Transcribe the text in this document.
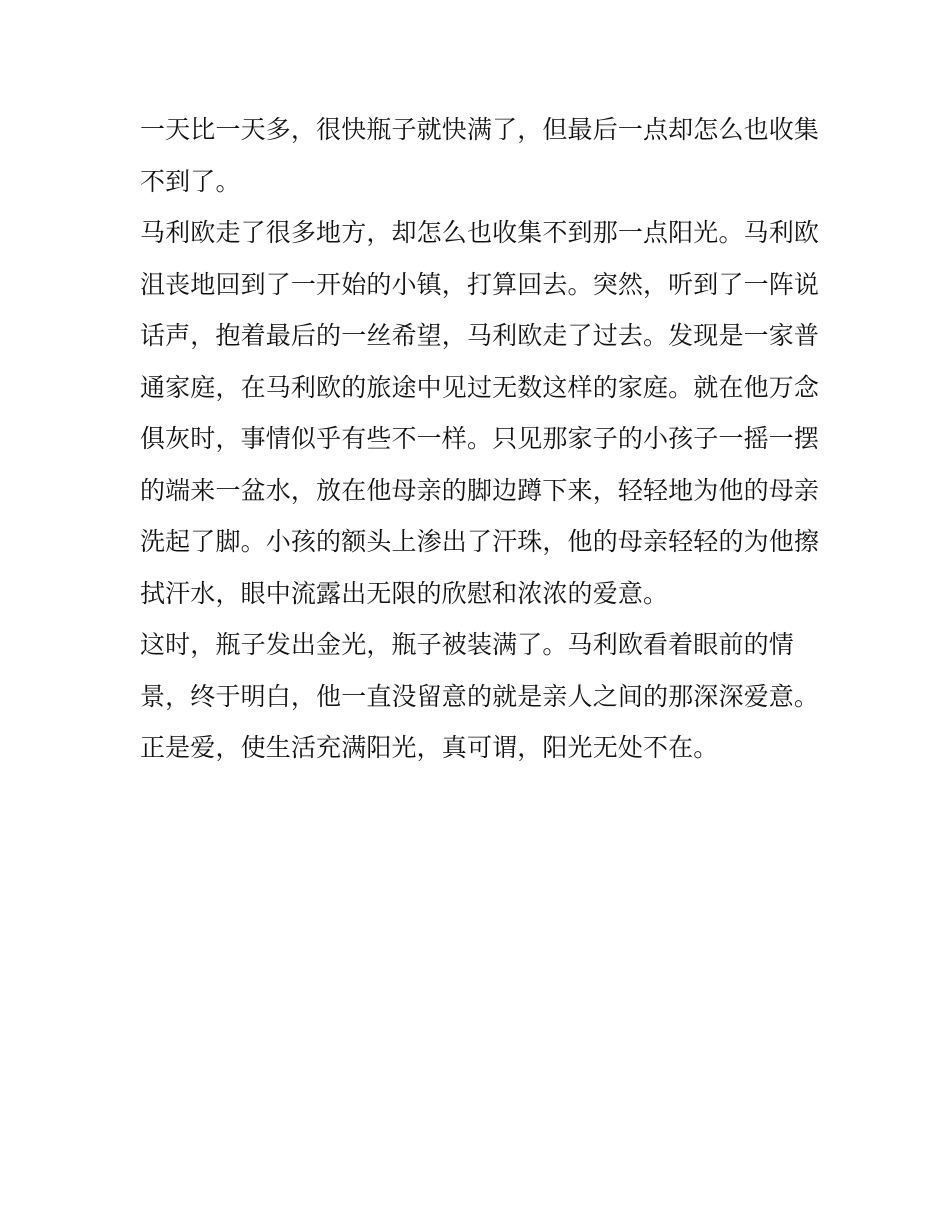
一天比一天多，很快瓶子就快满了，但最后一点却怎么也收集
不到了。
马利欧走了很多地方，却怎么也收集不到那一点阳光。马利欧
沮丧地回到了一开始的小镇，打算回去。突然，听到了一阵说
话声，抱着最后的一丝希望，马利欧走了过去。发现是一家普
通家庭，在马利欧的旅途中见过无数这样的家庭。就在他万念
俱灰时，事情似乎有些不一样。只见那家子的小孩子一摇一摆
的端来一盆水，放在他母亲的脚边蹲下来，轻轻地为他的母亲
洗起了脚。小孩的额头上渗出了汗珠，他的母亲轻轻的为他擦
拭汗水，眼中流露出无限的欣慰和浓浓的爱意。
这时，瓶子发出金光，瓶子被装满了。马利欧看着眼前的情
景，终于明白，他一直没留意的就是亲人之间的那深深爱意。
正是爱，使生活充满阳光，真可谓，阳光无处不在。
